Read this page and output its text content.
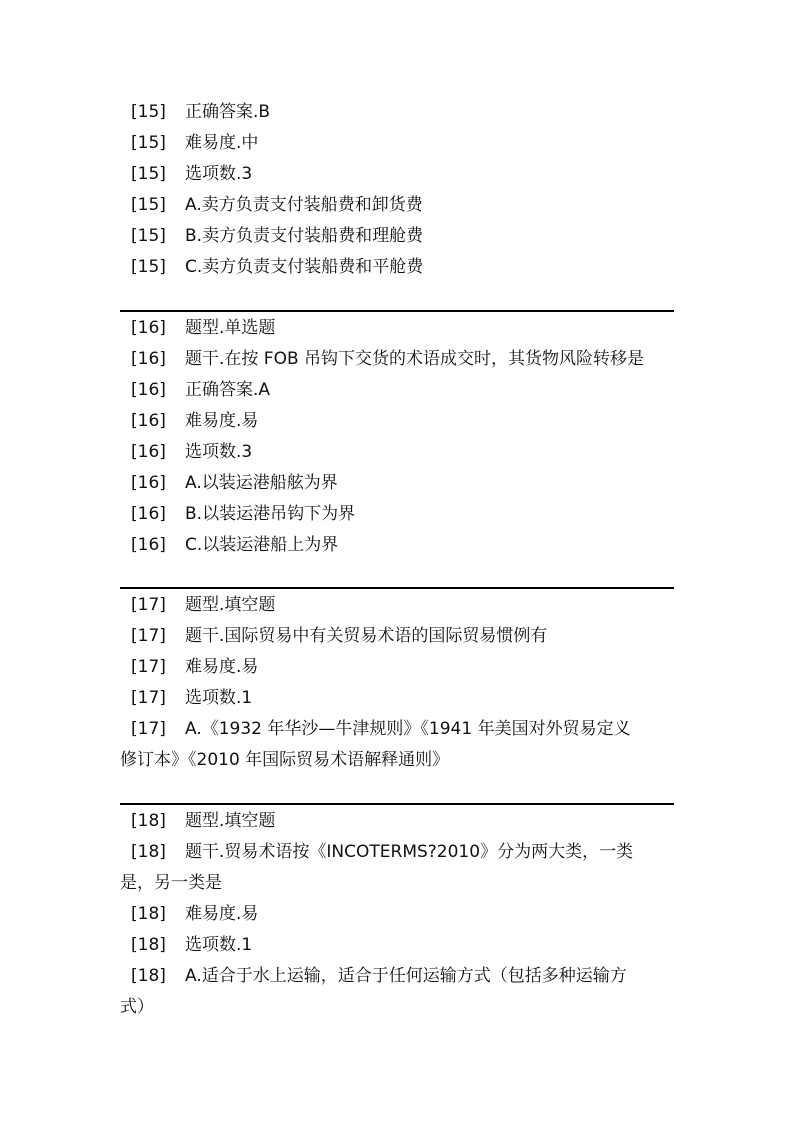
[15] 正确答案.B
[15] 难易度.中
[15] 选项数.3
[15] A.卖方负责支付装船费和卸货费
[15] B.卖方负责支付装船费和理舱费
[15] C.卖方负责支付装船费和平舱费
[16] 题型.单选题
[16] 题干.在按 FOB 吊钩下交货的术语成交时，其货物风险转移是
[16] 正确答案.A
[16] 难易度.易
[16] 选项数.3
[16] A.以装运港船舷为界
[16] B.以装运港吊钩下为界
[16] C.以装运港船上为界
[17] 题型.填空题
[17] 题干.国际贸易中有关贸易术语的国际贸易惯例有
[17] 难易度.易
[17] 选项数.1
[17] A.《1932 年华沙—牛津规则》《1941 年美国对外贸易定义
修订本》《2010 年国际贸易术语解释通则》
[18] 题型.填空题
[18] 题干.贸易术语按《INCOTERMS?2010》分为两大类，一类
是，另一类是
[18] 难易度.易
[18] 选项数.1
[18] A.适合于水上运输，适合于任何运输方式（包括多种运输方
式）
